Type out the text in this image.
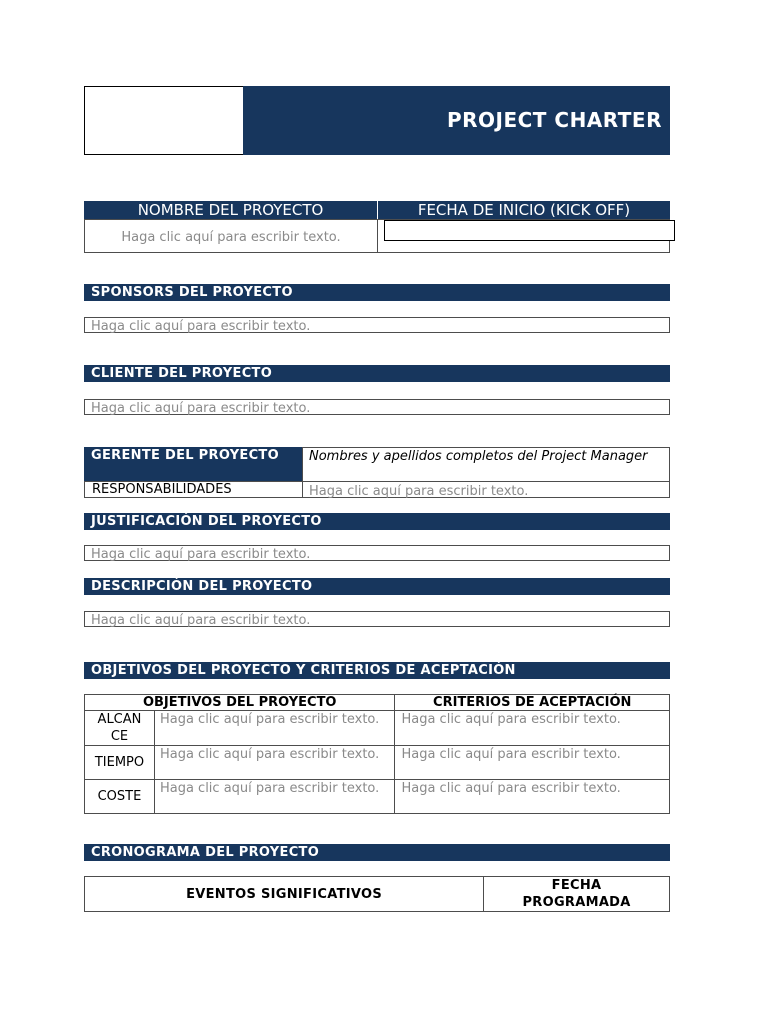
PROJECT CHARTER
NOMBRE DEL PROYECTO	FECHA DE INICIO (KICK OFF)
Haga clic aquí para escribir texto.
SPONSORS DEL PROYECTO
Haga clic aquí para escribir texto.
CLIENTE DEL PROYECTO
Haga clic aquí para escribir texto.
GERENTE DEL PROYECTO	Nombres y apellidos completos del Project Manager
RESPONSABILIDADES	Haga clic aquí para escribir texto.
JUSTIFICACIÓN DEL PROYECTO
Haga clic aquí para escribir texto.
DESCRIPCIÓN DEL PROYECTO
Haga clic aquí para escribir texto.
OBJETIVOS DEL PROYECTO Y CRITERIOS DE ACEPTACIÓN
OBJETIVOS DEL PROYECTO		CRITERIOS DE ACEPTACIÓN
ALCAN CE	Haga clic aquí para escribir texto.	Haga clic aquí para escribir texto.
TIEMPO	Haga clic aquí para escribir texto.	Haga clic aquí para escribir texto.
COSTE	Haga clic aquí para escribir texto.	Haga clic aquí para escribir texto.
CRONOGRAMA DEL PROYECTO
EVENTOS SIGNIFICATIVOS	FECHA PROGRAMADA
